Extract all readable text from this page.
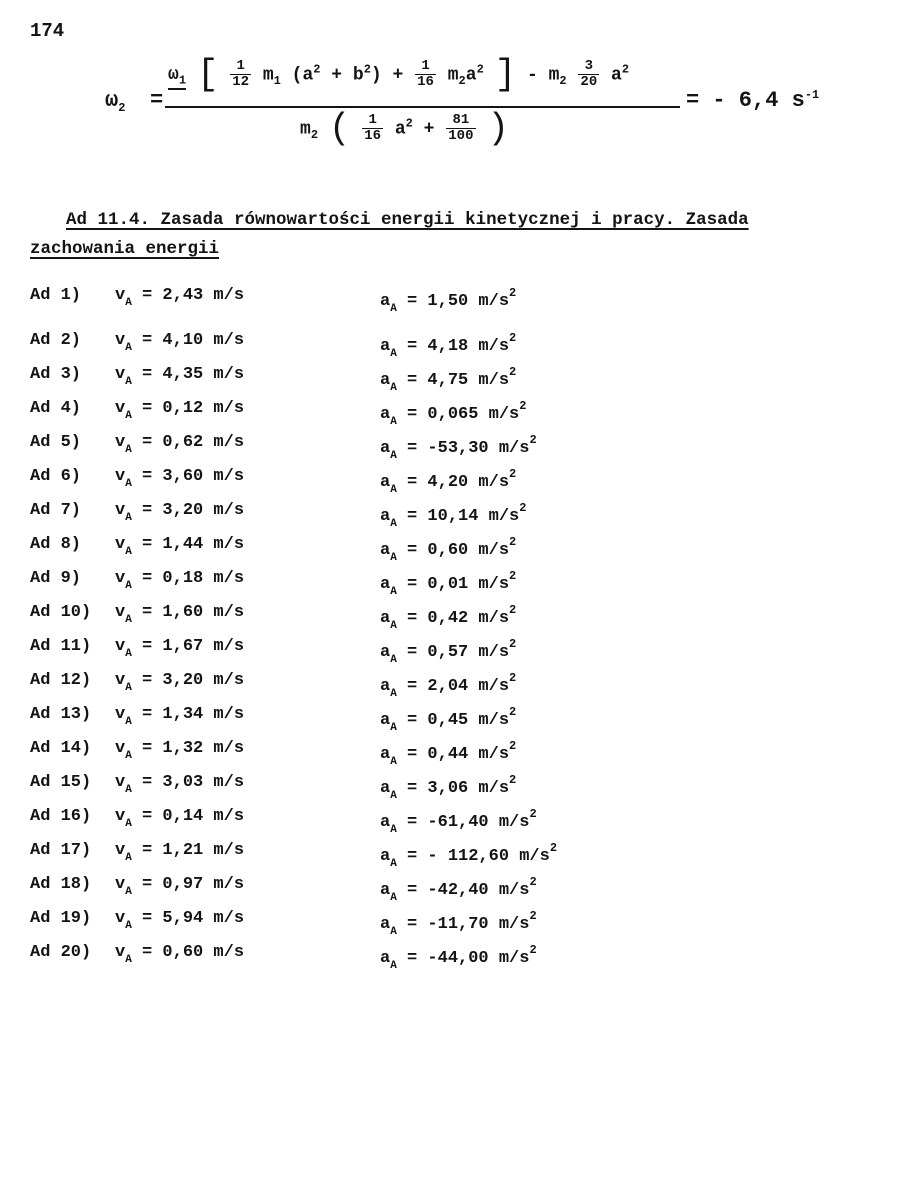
174
$\omega_2$ =
$\omega_1$ [ $\frac{1}{12} m_1$ $(a^2 + b^2) + \frac{1}{16} m_2a^2$ ] - $m_2 \frac{3}{20} a^2$
$m_2$ ( $\frac{1}{16} a^2 + \frac{81}{100}$ )
= - 6,4 $s^{-1}$
Ad 11.4. Zasada równowartości energii kinetycznej i pracy. Zasada
zachowania energii
Ad 1) $v_A = 2,43$ m/s	$a_A = 1,50$ $m/s^2$
Ad 2) $v_A = 4,10$ m/s	$a_A = 4,18$ $m/s^2$
Ad 3) $v_A = 4,35$ m/s	$a_A = 4,75$ $m/s^2$
Ad 4) $v_A = 0,12$ m/s	$a_A = 0,065$ $m/s^2$
Ad 5) $v_A = 0,62$ m/s	$a_A = -53,30$ $m/s^2$
Ad 6) $v_A = 3,60$ m/s	$a_A = 4,20$ $m/s^2$
Ad 7) $v_A = 3,20$ m/s	$a_A = 10,14$ $m/s^2$
Ad 8) $v_A = 1,44$ m/s	$a_A = 0,60$ $m/s^2$
Ad 9) $v_A = 0,18$ m/s	$a_A = 0,01$ $m/s^2$
Ad 10) $v_A = 1,60$ m/s	$a_A = 0,42$ $m/s^2$
Ad 11) $v_A = 1,67$ m/s	$a_A = 0,57$ $m/s^2$
Ad 12) $v_A = 3,20$ m/s	$a_A = 2,04$ $m/s^2$
Ad 13) $v_A = 1,34$ m/s	$a_A = 0,45$ $m/s^2$
Ad 14) $v_A = 1,32$ m/s	$a_A = 0,44$ $m/s^2$
Ad 15) $v_A = 3,03$ m/s	$a_A = 3,06$ $m/s^2$
Ad 16) $v_A = 0,14$ m/s	$a_A = -61,40$ $m/s^2$
Ad 17) $v_A = 1,21$ m/s	$a_A$ = - 112,60 $m/s^2$
Ad 18) $v_A = 0,97$ m/s	$a_A = -42,40$ $m/s^2$
Ad 19) $v_A = 5,94$ m/s	$a_A = -11,70$ $m/s^2$
Ad 20) $v_A = 0,60$ m/s	$a_A = -44,00$ $m/s^2$
